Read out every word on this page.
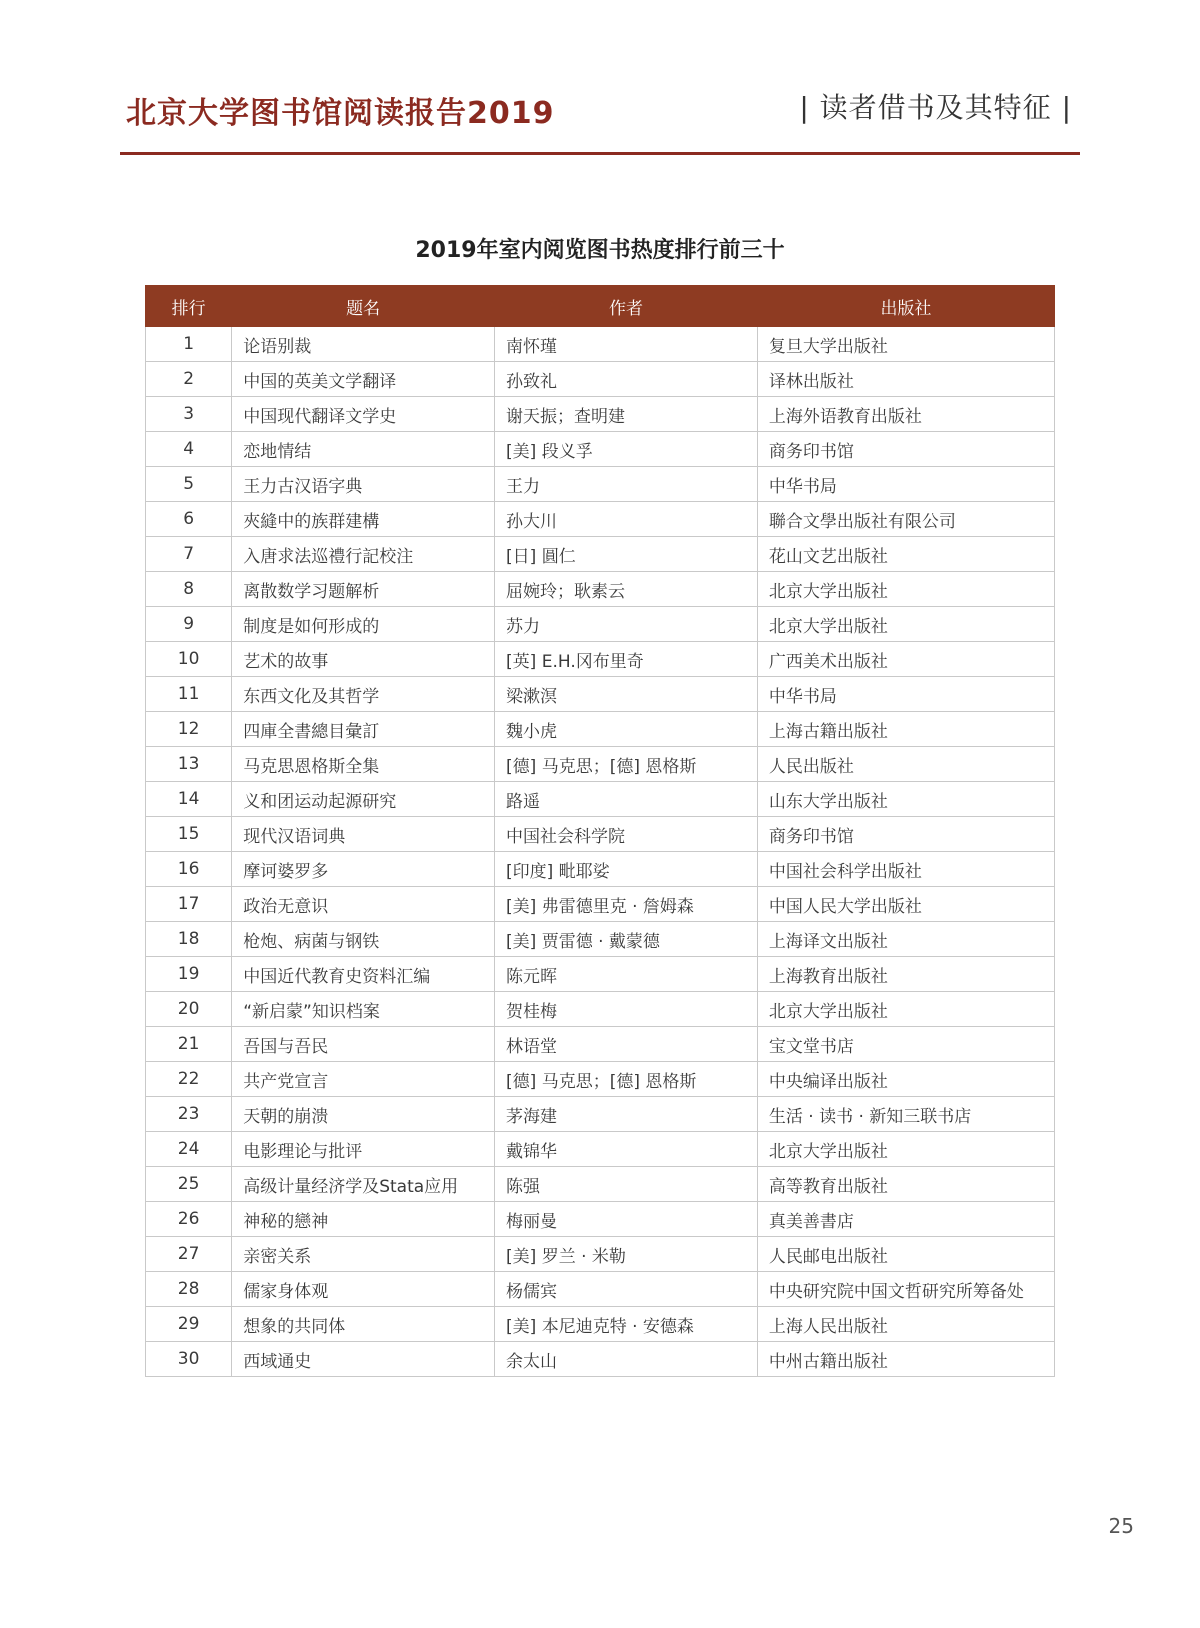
北京大学图书馆阅读报告2019	| 读者借书及其特征 |
2019年室内阅览图书热度排行前三十
排行	题名	作者	出版社
1	论语别裁	南怀瑾	复旦大学出版社
2	中国的英美文学翻译	孙致礼	译林出版社
3	中国现代翻译文学史	谢天振；查明建	上海外语教育出版社
4	恋地情结	[美] 段义孚	商务印书馆
5	王力古汉语字典	王力	中华书局
6	夾縫中的族群建構	孙大川	聯合文學出版社有限公司
7	入唐求法巡禮行記校注	[日] 圓仁	花山文艺出版社
8	离散数学习题解析	屈婉玲；耿素云	北京大学出版社
9	制度是如何形成的	苏力	北京大学出版社
10	艺术的故事	[英] E.H.冈布里奇	广西美术出版社
11	东西文化及其哲学	梁漱溟	中华书局
12	四庫全書總目彙訂	魏小虎	上海古籍出版社
13	马克思恩格斯全集	[德] 马克思；[德] 恩格斯	人民出版社
14	义和团运动起源研究	路遥	山东大学出版社
15	现代汉语词典	中国社会科学院	商务印书馆
16	摩诃婆罗多	[印度] 毗耶娑	中国社会科学出版社
17	政治无意识	[美] 弗雷德里克 · 詹姆森	中国人民大学出版社
18	枪炮、病菌与钢铁	[美] 贾雷德 · 戴蒙德	上海译文出版社
19	中国近代教育史资料汇编	陈元晖	上海教育出版社
20	“新启蒙”知识档案	贺桂梅	北京大学出版社
21	吾国与吾民	林语堂	宝文堂书店
22	共产党宣言	[德] 马克思；[德] 恩格斯	中央编译出版社
23	天朝的崩溃	茅海建	生活 · 读书 · 新知三联书店
24	电影理论与批评	戴锦华	北京大学出版社
25	高级计量经济学及Stata应用	陈强	高等教育出版社
26	神秘的戀神	梅丽曼	真美善書店
27	亲密关系	[美] 罗兰 · 米勒	人民邮电出版社
28	儒家身体观	杨儒宾	中央研究院中国文哲研究所筹备处
29	想象的共同体	[美] 本尼迪克特 · 安德森	上海人民出版社
30	西域通史	余太山	中州古籍出版社
25
